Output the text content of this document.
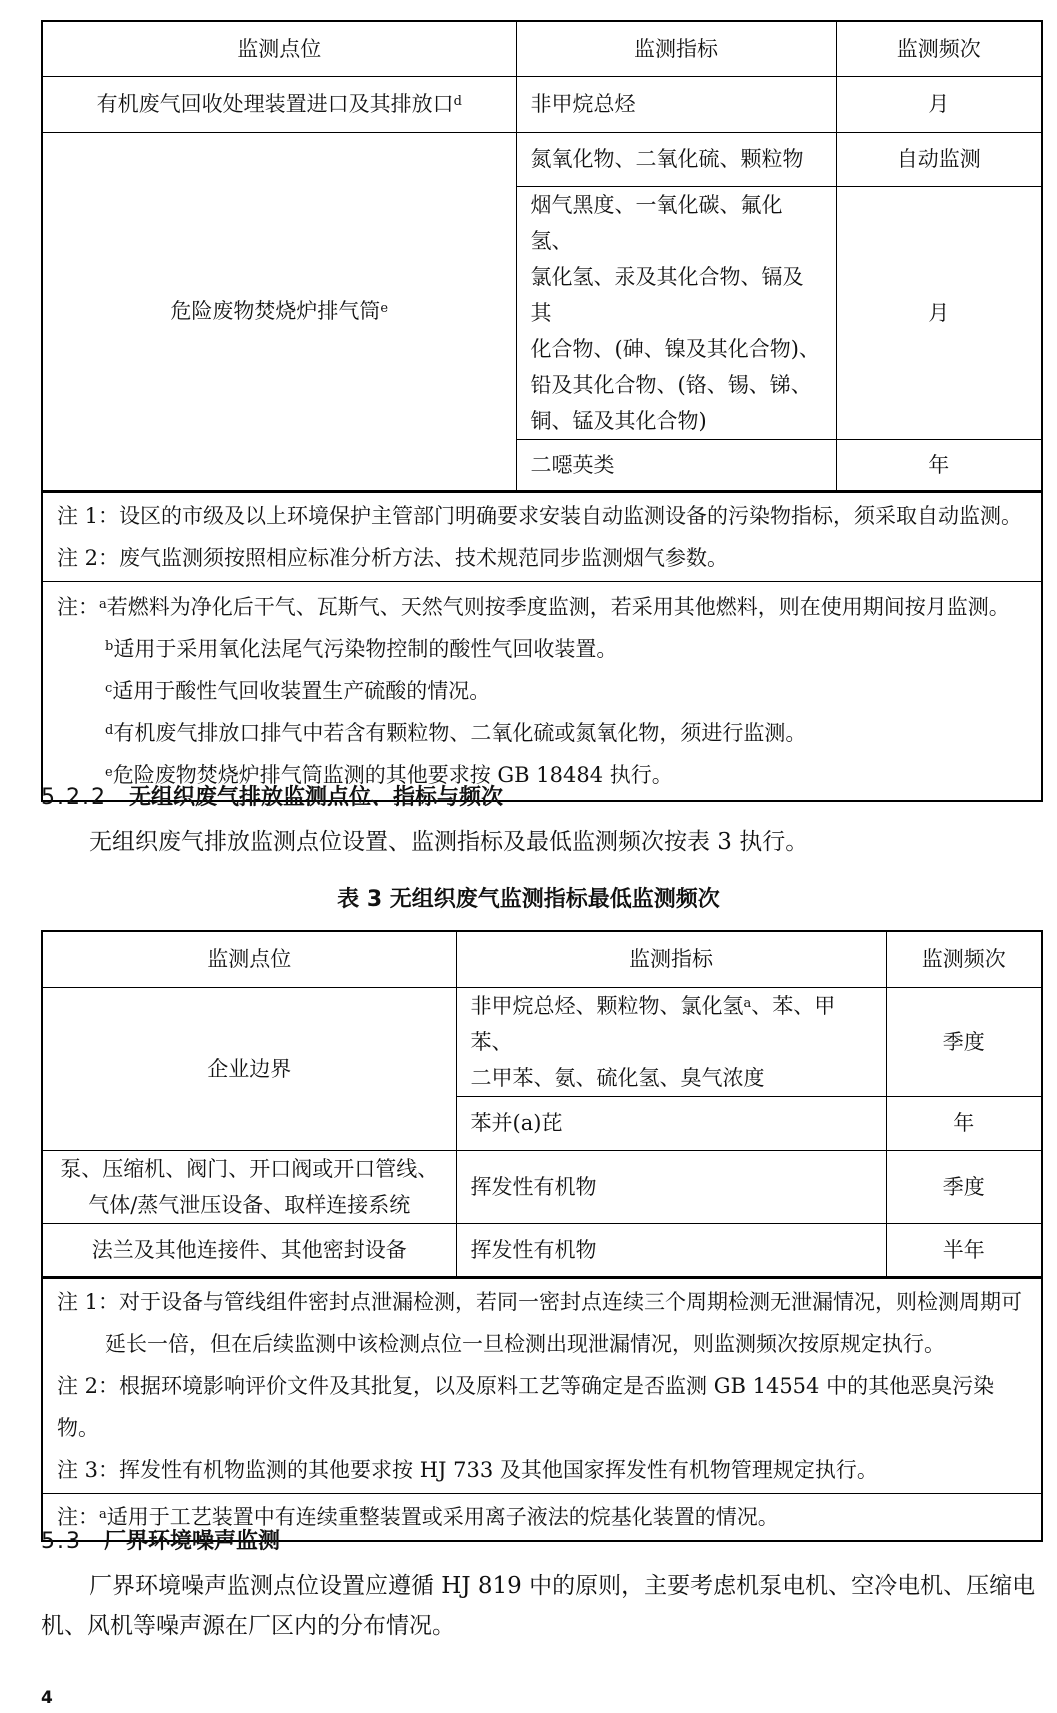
监测点位	监测指标	监测频次
有机废气回收处理装置进口及其排放口$^d$	非甲烷总烃	月
危险废物焚烧炉排气筒$^e$	氮氧化物、二氧化硫、颗粒物	自动监测

	烟气黑度、一氧化碳、氟化氢、
氯化氢、汞及其化合物、镉及其
化合物、(砷、镍及其化合物)、
铅及其化合物、(铬、锡、锑、
铜、锰及其化合物)	月
	二噁英类	年

注 1：设区的市级及以上环境保护主管部门明确要求安装自动监测设备的污染物指标，须采取自动监测。
注 2：废气监测须按照相应标准分析方法、技术规范同步监测烟气参数。		

注：$^a$若燃料为净化后干气、瓦斯气、天然气则按季度监测，若采用其他燃料，则在使用期间按月监测。
$^b$适用于采用氧化法尾气污染物控制的酸性气回收装置。
$^c$适用于酸性气回收装置生产硫酸的情况。
$^d$有机废气排放口排气中若含有颗粒物、二氧化硫或氮氧化物，须进行监测。
$^e$危险废物焚烧炉排气筒监测的其他要求按 GB 18484 执行。		
5.2.2 无组织废气排放监测点位、指标与频次
无组织废气排放监测点位设置、监测指标及最低监测频次按表 3 执行。
表 3 无组织废气监测指标最低监测频次
监测点位	监测指标	监测频次
企业边界	非甲烷总烃、颗粒物、氯化氢$^a$、苯、甲苯、
二甲苯、氨、硫化氢、臭气浓度	季度
	苯并(a)芘	年

泵、压缩机、阀门、开口阀或开口管线、
气体/蒸气泄压设备、取样连接系统	挥发性有机物	季度
法兰及其他连接件、其他密封设备	挥发性有机物	半年

注 1：对于设备与管线组件密封点泄漏检测，若同一密封点连续三个周期检测无泄漏情况，则检测周期可
延长一倍，但在后续监测中该检测点位一旦检测出现泄漏情况，则监测频次按原规定执行。
注 2：根据环境影响评价文件及其批复，以及原料工艺等确定是否监测 GB 14554 中的其他恶臭污染物。
注 3：挥发性有机物监测的其他要求按 HJ 733 及其他国家挥发性有机物管理规定执行。		

注：$^a$适用于工艺装置中有连续重整装置或采用离子液法的烷基化装置的情况。		
5.3 厂界环境噪声监测
厂界环境噪声监测点位设置应遵循 HJ 819 中的原则，主要考虑机泵电机、空冷电机、压缩电机、风机等噪声源在厂区内的分布情况。
4
